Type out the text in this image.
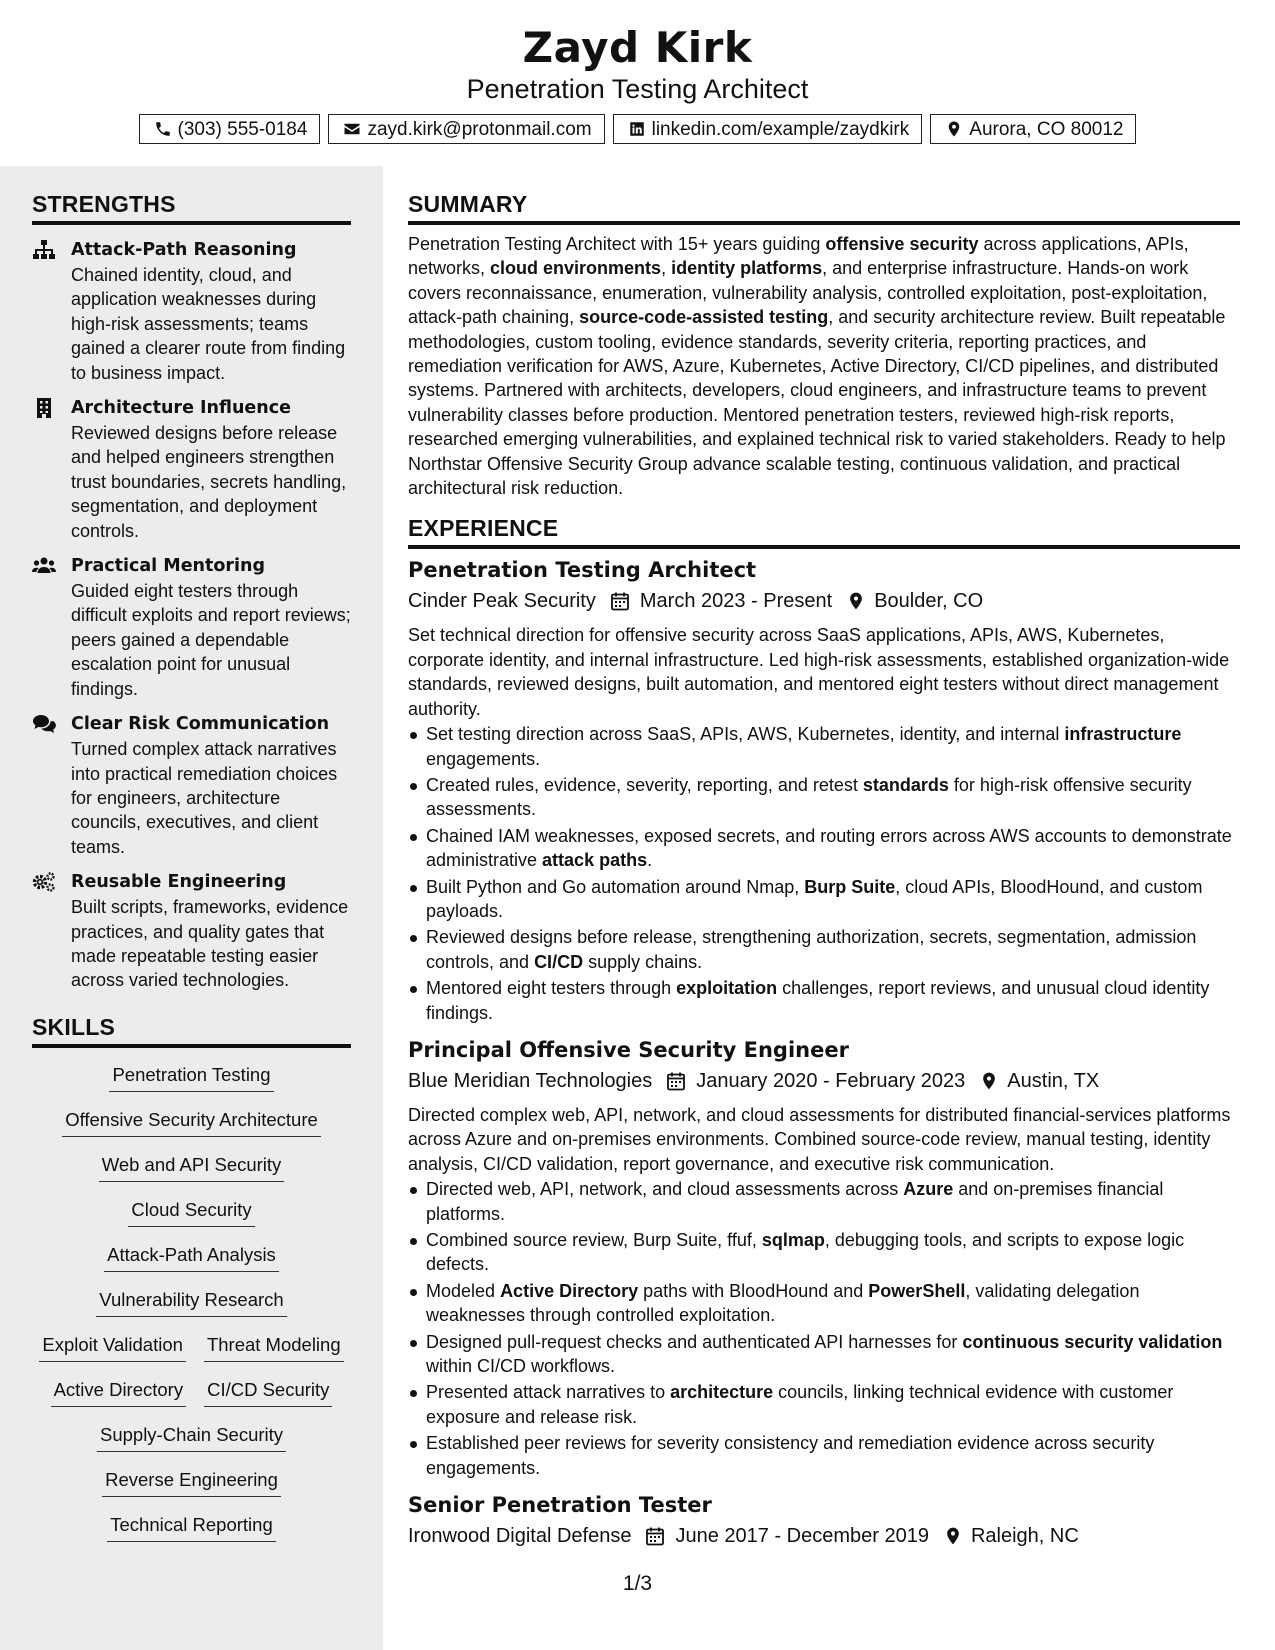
Zayd Kirk
Penetration Testing Architect
(303) 555-0184	zayd.kirk@protonmail.com	linkedin.com/example/zaydkirk	Aurora, CO 80012
STRENGTHS
Attack-Path Reasoning
Chained identity, cloud, and application weaknesses during high-risk assessments; teams gained a clearer route from finding to business impact.
Architecture Influence
Reviewed designs before release and helped engineers strengthen trust boundaries, secrets handling, segmentation, and deployment controls.
Practical Mentoring
Guided eight testers through difficult exploits and report reviews; peers gained a dependable escalation point for unusual findings.
Clear Risk Communication
Turned complex attack narratives into practical remediation choices for engineers, architecture councils, executives, and client teams.
Reusable Engineering
Built scripts, frameworks, evidence practices, and quality gates that made repeatable testing easier across varied technologies.
SKILLS
Penetration Testing
Offensive Security Architecture
Web and API Security
Cloud Security
Attack-Path Analysis
Vulnerability Research
Exploit Validation Threat Modeling
Active Directory CI/CD Security
Supply-Chain Security
Reverse Engineering
Technical Reporting
SUMMARY
Penetration Testing Architect with 15+ years guiding offensive security across applications, APIs, networks, cloud environments, identity platforms, and enterprise infrastructure. Hands-on work covers reconnaissance, enumeration, vulnerability analysis, controlled exploitation, post-exploitation, attack-path chaining, source-code-assisted testing, and security architecture review. Built repeatable methodologies, custom tooling, evidence standards, severity criteria, reporting practices, and remediation verification for AWS, Azure, Kubernetes, Active Directory, CI/CD pipelines, and distributed systems. Partnered with architects, developers, cloud engineers, and infrastructure teams to prevent vulnerability classes before production. Mentored penetration testers, reviewed high-risk reports, researched emerging vulnerabilities, and explained technical risk to varied stakeholders. Ready to help Northstar Offensive Security Group advance scalable testing, continuous validation, and practical architectural risk reduction.
EXPERIENCE
Penetration Testing Architect
Cinder Peak Security March 2023 - Present Boulder, CO
Set technical direction for offensive security across SaaS applications, APIs, AWS, Kubernetes, corporate identity, and internal infrastructure. Led high-risk assessments, established organization-wide standards, reviewed designs, built automation, and mentored eight testers without direct management authority.
Set testing direction across SaaS, APIs, AWS, Kubernetes, identity, and internal infrastructure engagements.
Created rules, evidence, severity, reporting, and retest standards for high-risk offensive security assessments.
Chained IAM weaknesses, exposed secrets, and routing errors across AWS accounts to demonstrate administrative attack paths.
Built Python and Go automation around Nmap, Burp Suite, cloud APIs, BloodHound, and custom payloads.
Reviewed designs before release, strengthening authorization, secrets, segmentation, admission controls, and CI/CD supply chains.
Mentored eight testers through exploitation challenges, report reviews, and unusual cloud identity findings.
Principal Offensive Security Engineer
Blue Meridian Technologies January 2020 - February 2023 Austin, TX
Directed complex web, API, network, and cloud assessments for distributed financial-services platforms across Azure and on-premises environments. Combined source-code review, manual testing, identity analysis, CI/CD validation, report governance, and executive risk communication.
Directed web, API, network, and cloud assessments across Azure and on-premises financial platforms.
Combined source review, Burp Suite, ffuf, sqlmap, debugging tools, and scripts to expose logic defects.
Modeled Active Directory paths with BloodHound and PowerShell, validating delegation weaknesses through controlled exploitation.
Designed pull-request checks and authenticated API harnesses for continuous security validation within CI/CD workflows.
Presented attack narratives to architecture councils, linking technical evidence with customer exposure and release risk.
Established peer reviews for severity consistency and remediation evidence across security engagements.
Senior Penetration Tester
Ironwood Digital Defense June 2017 - December 2019 Raleigh, NC
1/3
